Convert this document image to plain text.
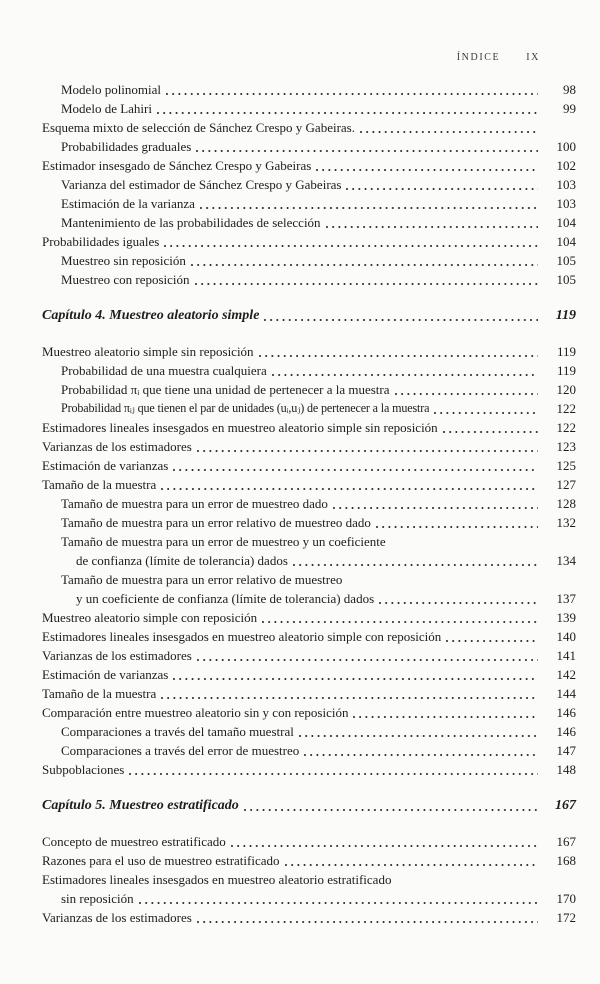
ÍNDICE	IX
Modelo polinomial	98
Modelo de Lahiri	99
Esquema mixto de selección de Sánchez Crespo y Gabeiras.
Probabilidades graduales	100
Estimador insesgado de Sánchez Crespo y Gabeiras	102
Varianza del estimador de Sánchez Crespo y Gabeiras	103
Estimación de la varianza	103
Mantenimiento de las probabilidades de selección	104
Probabilidades iguales	104
Muestreo sin reposición	105
Muestreo con reposición	105
Capítulo 4. Muestreo aleatorio simple	119
Muestreo aleatorio simple sin reposición	119
Probabilidad de una muestra cualquiera	119
Probabilidad πᵢ que tiene una unidad de pertenecer a la muestra	120
Probabilidad πᵢⱼ que tienen el par de unidades (uᵢ,uⱼ) de pertenecer a la muestra	122
Estimadores lineales insesgados en muestreo aleatorio simple sin reposición	122
Varianzas de los estimadores	123
Estimación de varianzas	125
Tamaño de la muestra	127
Tamaño de muestra para un error de muestreo dado	128
Tamaño de muestra para un error relativo de muestreo dado	132
Tamaño de muestra para un error de muestreo y un coeficiente
de confianza (límite de tolerancia) dados	134
Tamaño de muestra para un error relativo de muestreo
y un coeficiente de confianza (límite de tolerancia) dados	137
Muestreo aleatorio simple con reposición	139
Estimadores lineales insesgados en muestreo aleatorio simple con reposición	140
Varianzas de los estimadores	141
Estimación de varianzas	142
Tamaño de la muestra	144
Comparación entre muestreo aleatorio sin y con reposición	146
Comparaciones a través del tamaño muestral	146
Comparaciones a través del error de muestreo	147
Subpoblaciones	148
Capítulo 5. Muestreo estratificado	167
Concepto de muestreo estratificado	167
Razones para el uso de muestreo estratificado	168
Estimadores lineales insesgados en muestreo aleatorio estratificado
sin reposición	170
Varianzas de los estimadores	172
